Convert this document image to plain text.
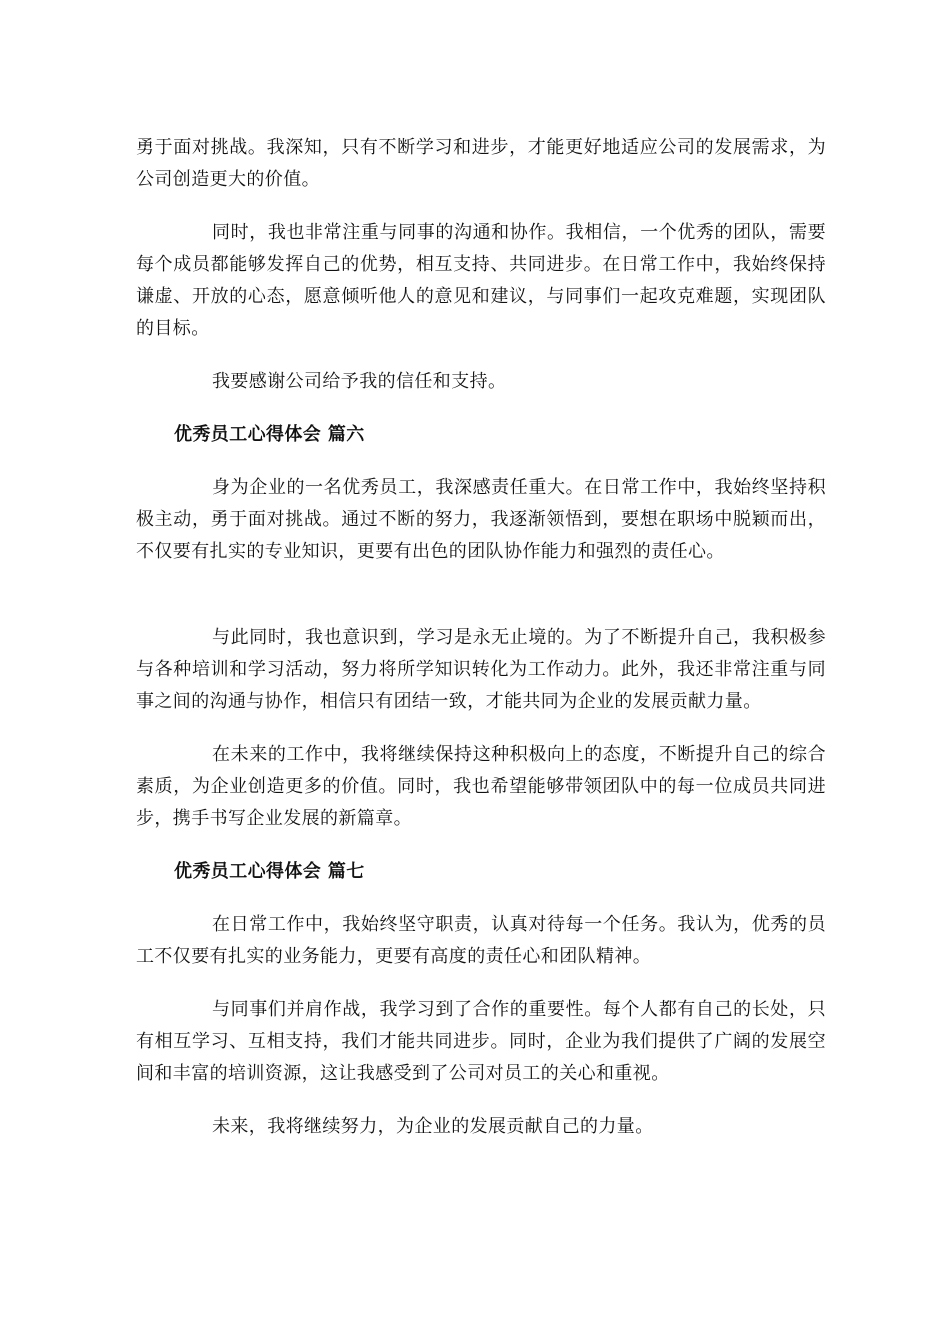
勇于面对挑战。我深知，只有不断学习和进步，才能更好地适应公司的发展需求，为公司创造更大的价值。

同时，我也非常注重与同事的沟通和协作。我相信，一个优秀的团队，需要每个成员都能够发挥自己的优势，相互支持、共同进步。在日常工作中，我始终保持谦虚、开放的心态，愿意倾听他人的意见和建议，与同事们一起攻克难题，实现团队的目标。

我要感谢公司给予我的信任和支持。

优秀员工心得体会 篇六

身为企业的一名优秀员工，我深感责任重大。在日常工作中，我始终坚持积极主动，勇于面对挑战。通过不断的努力，我逐渐领悟到，要想在职场中脱颖而出，不仅要有扎实的专业知识，更要有出色的团队协作能力和强烈的责任心。

与此同时，我也意识到，学习是永无止境的。为了不断提升自己，我积极参与各种培训和学习活动，努力将所学知识转化为工作动力。此外，我还非常注重与同事之间的沟通与协作，相信只有团结一致，才能共同为企业的发展贡献力量。

在未来的工作中，我将继续保持这种积极向上的态度，不断提升自己的综合素质，为企业创造更多的价值。同时，我也希望能够带领团队中的每一位成员共同进步，携手书写企业发展的新篇章。

优秀员工心得体会 篇七

在日常工作中，我始终坚守职责，认真对待每一个任务。我认为，优秀的员工不仅要有扎实的业务能力，更要有高度的责任心和团队精神。

与同事们并肩作战，我学习到了合作的重要性。每个人都有自己的长处，只有相互学习、互相支持，我们才能共同进步。同时，企业为我们提供了广阔的发展空间和丰富的培训资源，这让我感受到了公司对员工的关心和重视。

未来，我将继续努力，为企业的发展贡献自己的力量。
